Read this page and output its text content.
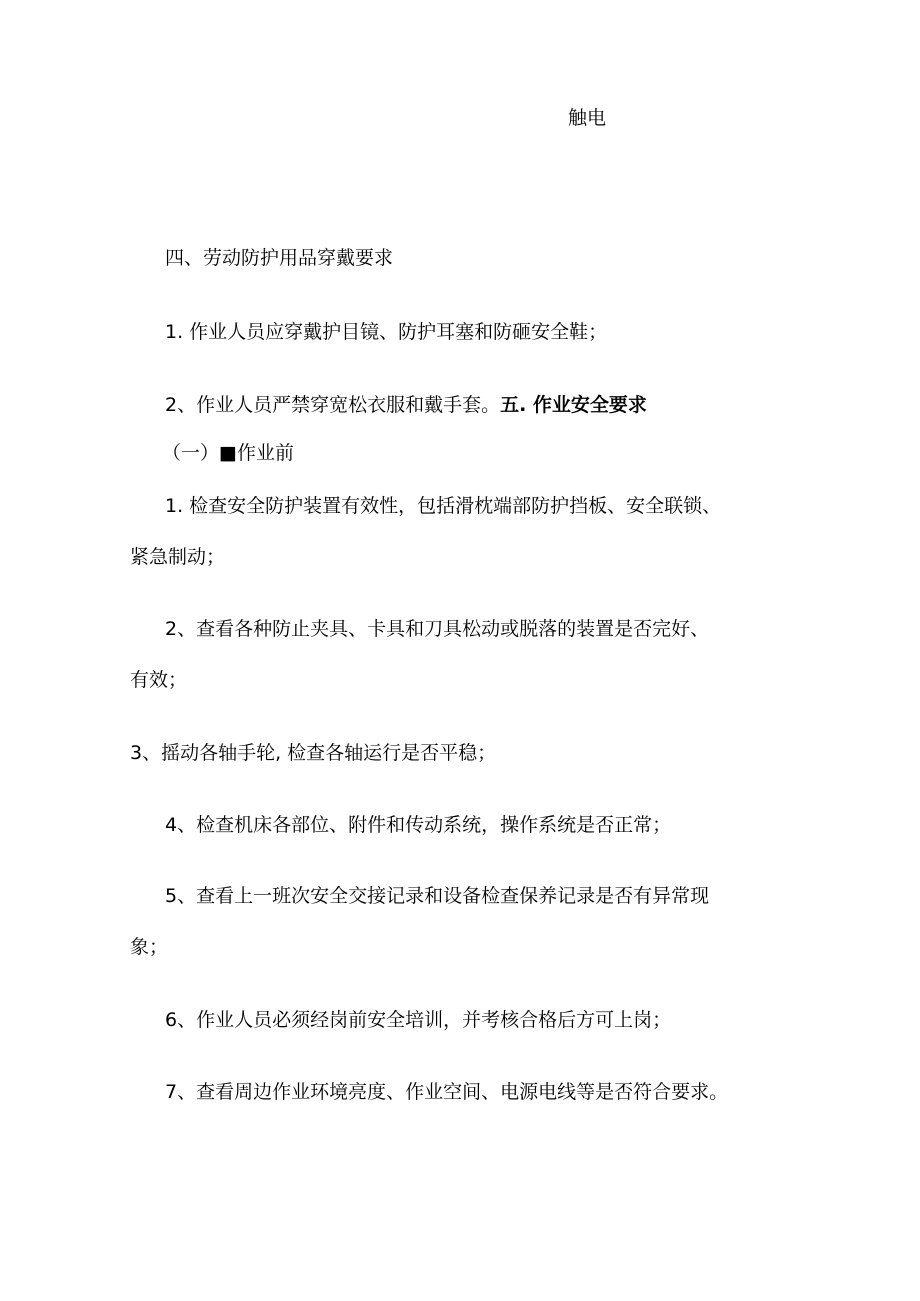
触电
四、劳动防护用品穿戴要求
1. 作业人员应穿戴护目镜、防护耳塞和防砸安全鞋；
2、作业人员严禁穿宽松衣服和戴手套。五. 作业安全要求
（一）■作业前
1. 检查安全防护装置有效性，包括滑枕端部防护挡板、安全联锁、
紧急制动；
2、查看各种防止夹具、卡具和刀具松动或脱落的装置是否完好、
有效；
3、摇动各轴手轮, 检查各轴运行是否平稳；
4、检查机床各部位、附件和传动系统，操作系统是否正常；
5、查看上一班次安全交接记录和设备检查保养记录是否有异常现
象；
6、作业人员必须经岗前安全培训，并考核合格后方可上岗；
7、查看周边作业环境亮度、作业空间、电源电线等是否符合要求。
